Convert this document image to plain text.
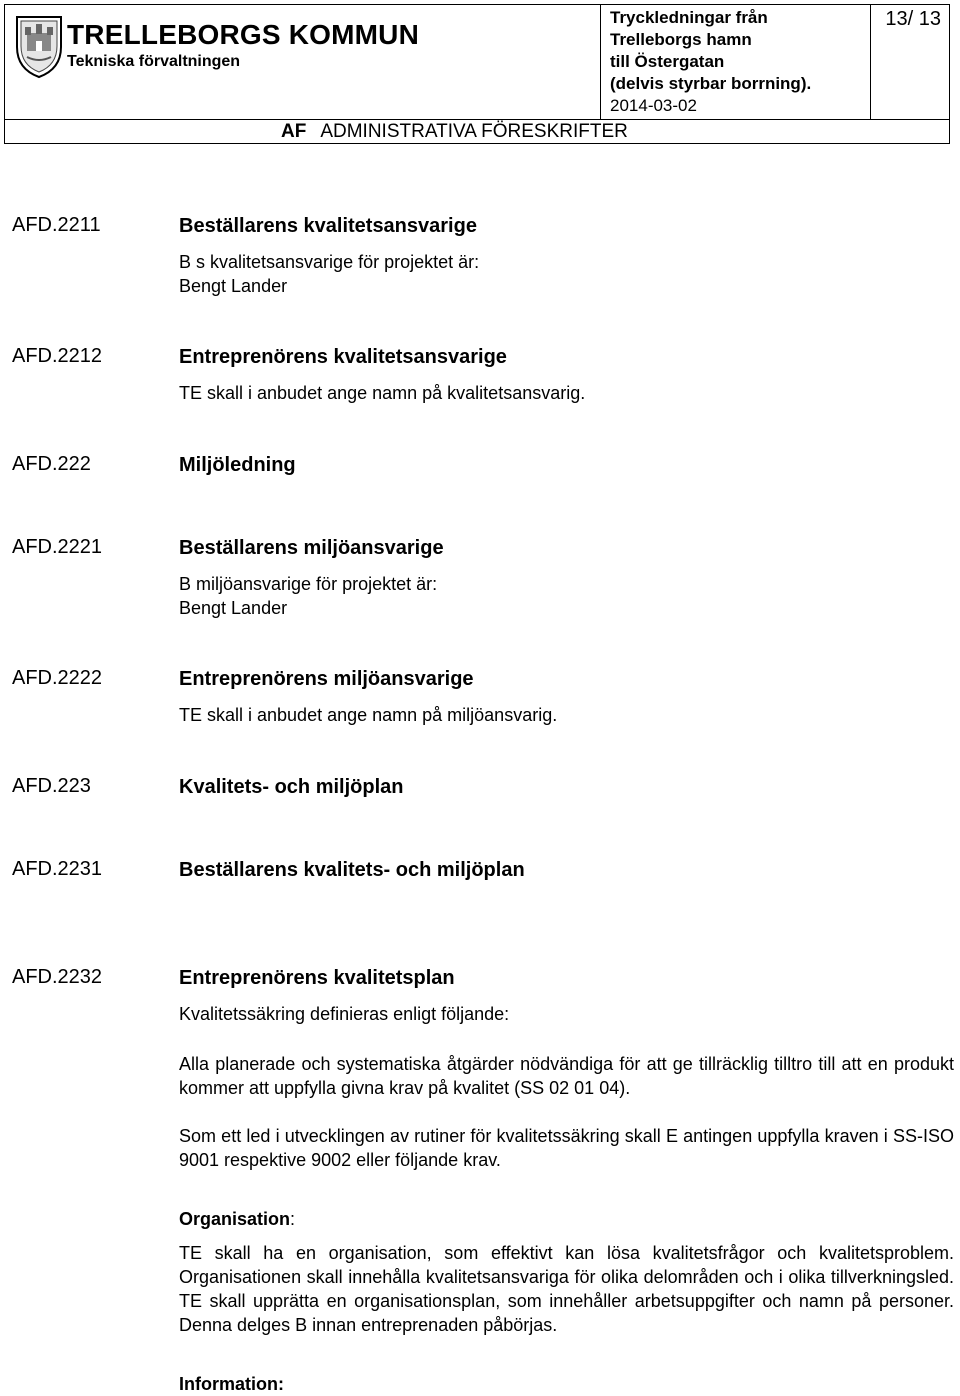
TRELLEBORGS KOMMUN
Tekniska förvaltningen
Tryckledningar från
Trelleborgs hamn
till Östergatan
(delvis styrbar borrning).
2014-03-02
13/ 13
AF ADMINISTRATIVA FÖRESKRIFTER
AFD.2211	Beställarens kvalitetsansvarige
B s kvalitetsansvarige för projektet är:
Bengt Lander
AFD.2212	Entreprenörens kvalitetsansvarige
TE skall i anbudet ange namn på kvalitetsansvarig.
AFD.222	Miljöledning
AFD.2221	Beställarens miljöansvarige
B miljöansvarige för projektet är:
Bengt Lander
AFD.2222	Entreprenörens miljöansvarige
TE skall i anbudet ange namn på miljöansvarig.
AFD.223	Kvalitets- och miljöplan
AFD.2231	Beställarens kvalitets- och miljöplan
AFD.2232	Entreprenörens kvalitetsplan
Kvalitetssäkring definieras enligt följande:

Alla planerade och systematiska åtgärder nödvändiga för att ge tillräcklig tilltro till att en produkt kommer att uppfylla givna krav på kvalitet (SS 02 01 04).

Som ett led i utvecklingen av rutiner för kvalitetssäkring skall E antingen uppfylla kraven i SS-ISO 9001 respektive 9002 eller följande krav.

Organisation:

TE skall ha en organisation, som effektivt kan lösa kvalitetsfrågor och kvalitetsproblem. Organisationen skall innehålla kvalitetsansvariga för olika delområden och i olika tillverkningsled. TE skall upprätta en organisationsplan, som innehåller arbetsuppgifter och namn på personer. Denna delges B innan entreprenaden påbörjas.

Information:
